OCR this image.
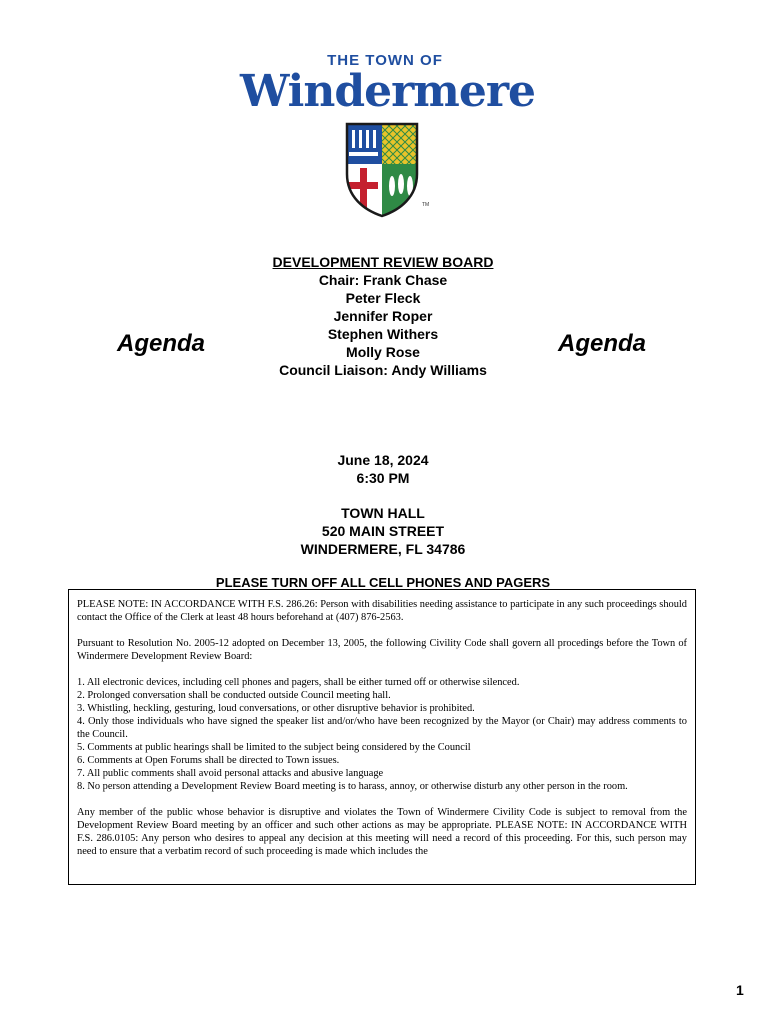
THE TOWN OF
Windermere
TM
Agenda	Agenda
DEVELOPMENT REVIEW BOARD
Chair: Frank Chase
Peter Fleck
Jennifer Roper
Stephen Withers
Molly Rose
Council Liaison: Andy Williams
June 18, 2024
6:30 PM
TOWN HALL
520 MAIN STREET
WINDERMERE, FL 34786
PLEASE TURN OFF ALL CELL PHONES AND PAGERS

PLEASE NOTE: IN ACCORDANCE WITH F.S. 286.26: Person with disabilities needing assistance to participate in any such proceedings should contact the Office of the Clerk at least 48 hours beforehand at (407) 876-2563.

Pursuant to Resolution No. 2005-12 adopted on December 13, 2005, the following Civility Code shall govern all procedings before the Town of Windermere Development Review Board:

1. All electronic devices, including cell phones and pagers, shall be either turned off or otherwise silenced.
2. Prolonged conversation shall be conducted outside Council meeting hall.
3. Whistling, heckling, gesturing, loud conversations, or other disruptive behavior is prohibited.
4. Only those individuals who have signed the speaker list and/or/who have been recognized by the Mayor (or Chair) may address comments to the Council.
5. Comments at public hearings shall be limited to the subject being considered by the Council
6. Comments at Open Forums shall be directed to Town issues.
7. All public comments shall avoid personal attacks and abusive language
8. No person attending a Development Review Board meeting is to harass, annoy, or otherwise disturb any other person in the room.

Any member of the public whose behavior is disruptive and violates the Town of Windermere Civility Code is subject to removal from the Development Review Board meeting by an officer and such other actions as may be appropriate. PLEASE NOTE: IN ACCORDANCE WITH F.S. 286.0105: Any person who desires to appeal any decision at this meeting will need a record of this proceeding. For this, such person may need to ensure that a verbatim record of such proceeding is made which includes the

1
